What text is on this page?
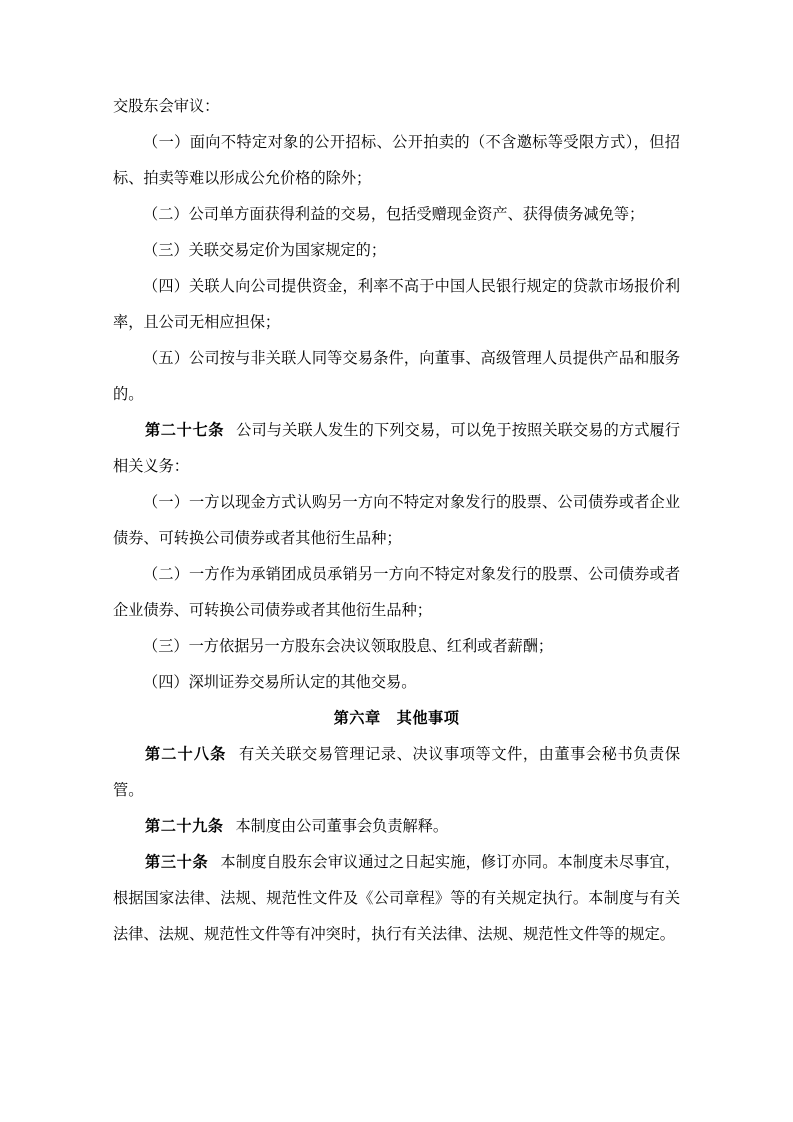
交股东会审议：

（一）面向不特定对象的公开招标、公开拍卖的（不含邀标等受限方式），但招标、拍卖等难以形成公允价格的除外；

（二）公司单方面获得利益的交易，包括受赠现金资产、获得债务减免等；

（三）关联交易定价为国家规定的；

（四）关联人向公司提供资金，利率不高于中国人民银行规定的贷款市场报价利率，且公司无相应担保；

（五）公司按与非关联人同等交易条件，向董事、高级管理人员提供产品和服务的。

第二十七条 公司与关联人发生的下列交易，可以免于按照关联交易的方式履行相关义务：

（一）一方以现金方式认购另一方向不特定对象发行的股票、公司债券或者企业债券、可转换公司债券或者其他衍生品种；

（二）一方作为承销团成员承销另一方向不特定对象发行的股票、公司债券或者企业债券、可转换公司债券或者其他衍生品种；

（三）一方依据另一方股东会决议领取股息、红利或者薪酬；

（四）深圳证券交易所认定的其他交易。

第六章 其他事项

第二十八条 有关关联交易管理记录、决议事项等文件，由董事会秘书负责保管。

第二十九条 本制度由公司董事会负责解释。

第三十条 本制度自股东会审议通过之日起实施，修订亦同。本制度未尽事宜，根据国家法律、法规、规范性文件及《公司章程》等的有关规定执行。本制度与有关法律、法规、规范性文件等有冲突时，执行有关法律、法规、规范性文件等的规定。
